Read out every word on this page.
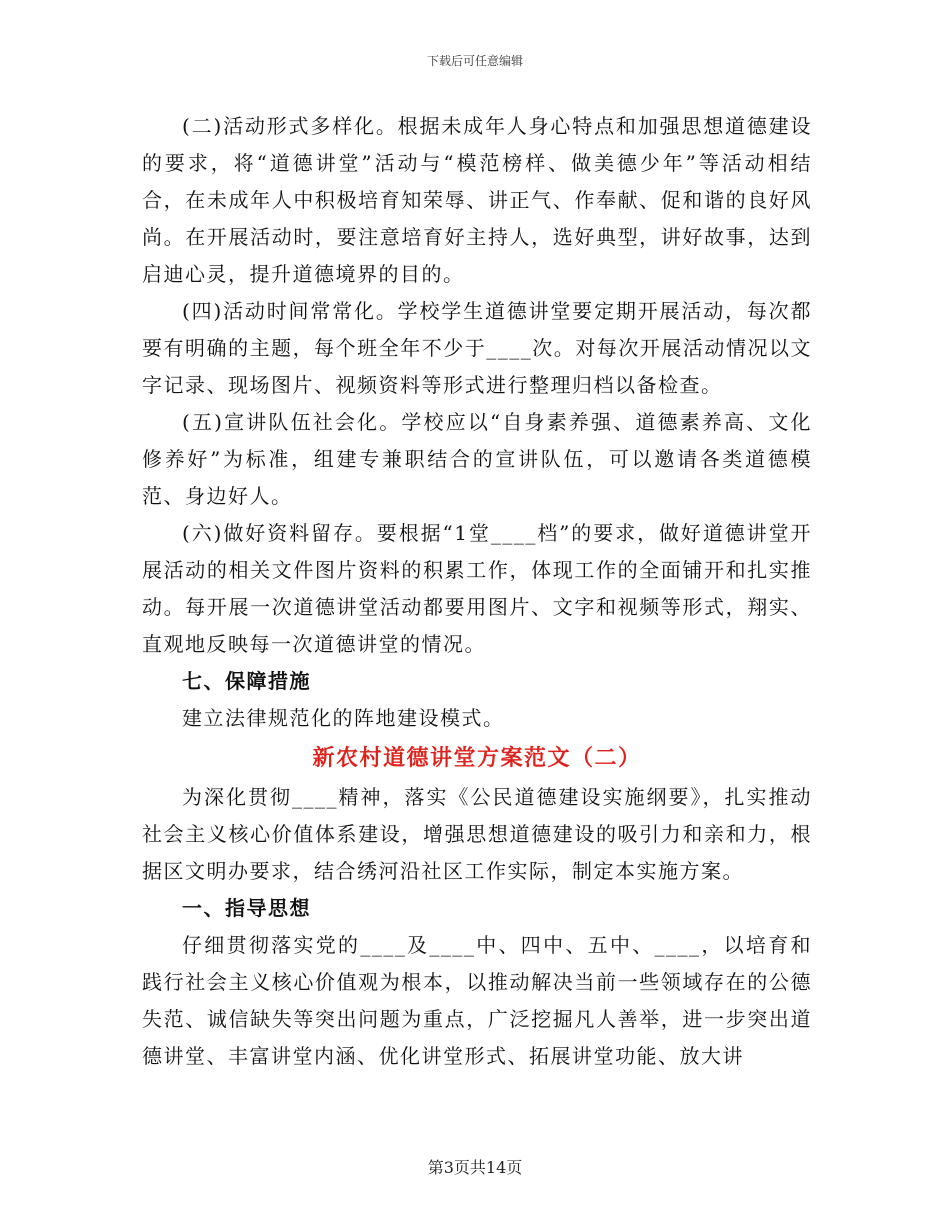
下载后可任意编辑

(二)活动形式多样化。根据未成年人身心特点和加强思想道德建设的要求，将“道德讲堂”活动与“模范榜样、做美德少年”等活动相结合，在未成年人中积极培育知荣辱、讲正气、作奉献、促和谐的良好风尚。在开展活动时，要注意培育好主持人，选好典型，讲好故事，达到启迪心灵，提升道德境界的目的。

(四)活动时间常常化。学校学生道德讲堂要定期开展活动，每次都要有明确的主题，每个班全年不少于____次。对每次开展活动情况以文字记录、现场图片、视频资料等形式进行整理归档以备检查。

(五)宣讲队伍社会化。学校应以“自身素养强、道德素养高、文化修养好”为标准，组建专兼职结合的宣讲队伍，可以邀请各类道德模范、身边好人。

(六)做好资料留存。要根据“1堂____档”的要求，做好道德讲堂开展活动的相关文件图片资料的积累工作，体现工作的全面铺开和扎实推动。每开展一次道德讲堂活动都要用图片、文字和视频等形式，翔实、直观地反映每一次道德讲堂的情况。

七、保障措施

建立法律规范化的阵地建设模式。

新农村道德讲堂方案范文（二）

为深化贯彻____精神，落实《公民道德建设实施纲要》，扎实推动社会主义核心价值体系建设，增强思想道德建设的吸引力和亲和力，根据区文明办要求，结合绣河沿社区工作实际，制定本实施方案。

一、指导思想

仔细贯彻落实党的____及____中、四中、五中、____，以培育和践行社会主义核心价值观为根本，以推动解决当前一些领域存在的公德失范、诚信缺失等突出问题为重点，广泛挖掘凡人善举，进一步突出道德讲堂、丰富讲堂内涵、优化讲堂形式、拓展讲堂功能、放大讲

第3页共14页
